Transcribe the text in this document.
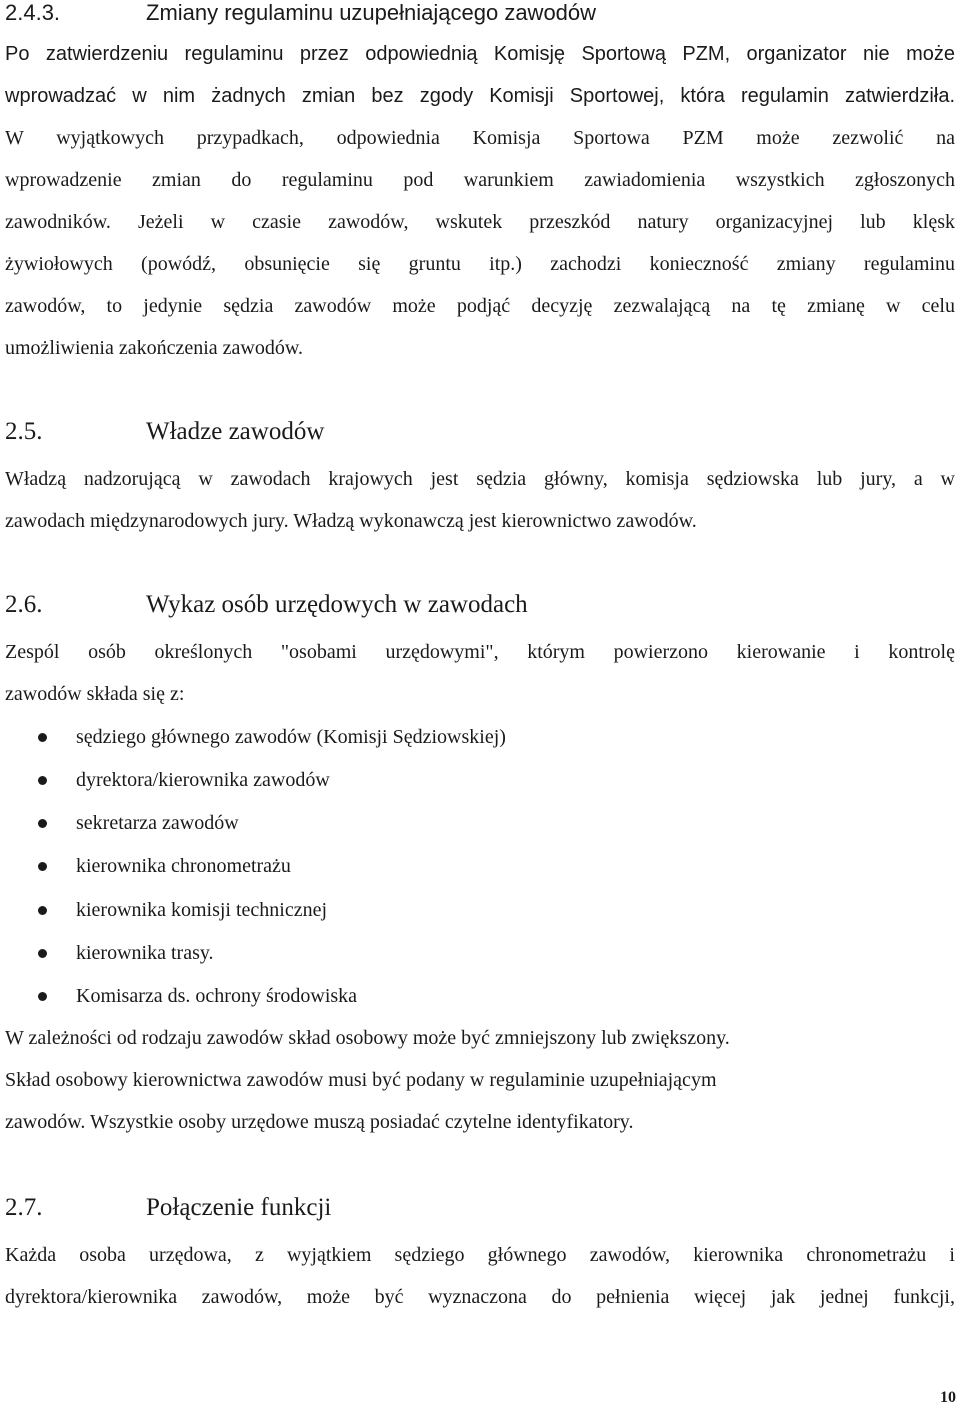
2.4.3.	Zmiany regulaminu uzupełniającego zawodów
Po zatwierdzeniu regulaminu przez odpowiednią Komisję Sportową PZM, organizator nie może
wprowadzać w nim żadnych zmian bez zgody Komisji Sportowej, która regulamin zatwierdziła.
W wyjątkowych przypadkach, odpowiednia Komisja Sportowa PZM może zezwolić na
wprowadzenie zmian do regulaminu pod warunkiem zawiadomienia wszystkich zgłoszonych
zawodników. Jeżeli w czasie zawodów, wskutek przeszkód natury organizacyjnej lub klęsk
żywiołowych (powódź, obsunięcie się gruntu itp.) zachodzi konieczność zmiany regulaminu
zawodów, to jedynie sędzia zawodów może podjąć decyzję zezwalającą na tę zmianę w celu
umożliwienia zakończenia zawodów.
2.5.	Władze zawodów
Władzą nadzorującą w zawodach krajowych jest sędzia główny, komisja sędziowska lub jury, a w
zawodach międzynarodowych jury. Władzą wykonawczą jest kierownictwo zawodów.
2.6.	Wykaz osób urzędowych w zawodach
Zespól osób określonych "osobami urzędowymi", którym powierzono kierowanie i kontrolę
zawodów składa się z:
sędziego głównego zawodów (Komisji Sędziowskiej)
dyrektora/kierownika zawodów
sekretarza zawodów
kierownika chronometrażu
kierownika komisji technicznej
kierownika trasy.
Komisarza ds. ochrony środowiska
W zależności od rodzaju zawodów skład osobowy może być zmniejszony lub zwiększony.
Skład osobowy kierownictwa zawodów musi być podany w regulaminie uzupełniającym
zawodów. Wszystkie osoby urzędowe muszą posiadać czytelne identyfikatory.
2.7.	Połączenie funkcji
Każda osoba urzędowa, z wyjątkiem sędziego głównego zawodów, kierownika chronometrażu i
dyrektora/kierownika zawodów, może być wyznaczona do pełnienia więcej jak jednej funkcji,
10
